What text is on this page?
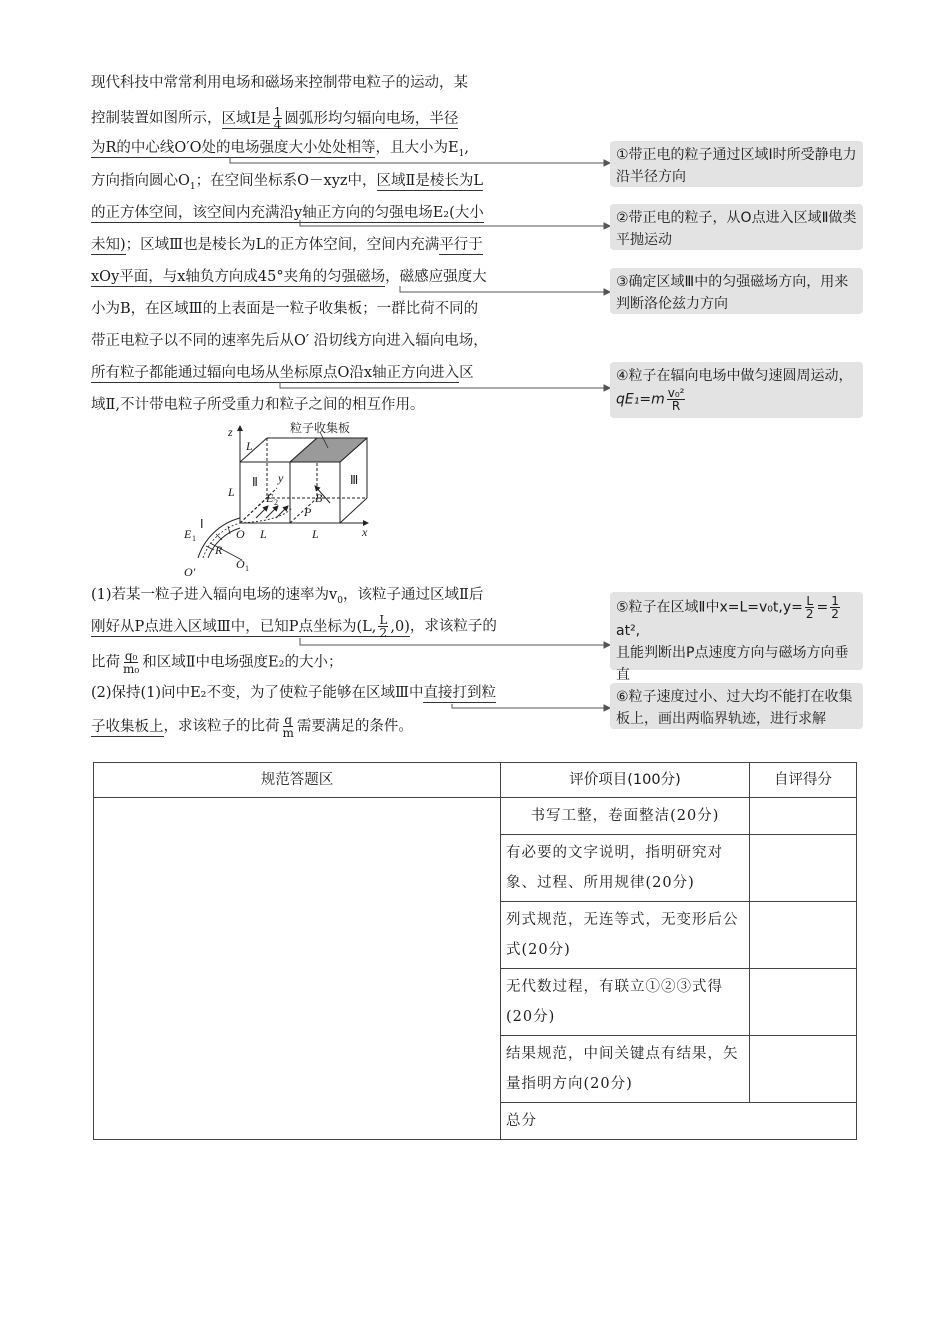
现代科技中常常利用电场和磁场来控制带电粒子的运动，某
控制装置如图所示，区域Ⅰ是 $\frac{1}{4}$ 圆弧形均匀辐向电场，半径
为R的中心线O′O处的电场强度大小处处相等，且大小为$E_1$,
方向指向圆心$O_1$；在空间坐标系O－xyz中，区域Ⅱ是棱长为L
的正方体空间，该空间内充满沿y轴正方向的匀强电场E₂(大小
未知)；区域Ⅲ也是棱长为L的正方体空间，空间内充满平行于
xOy平面，与x轴负方向成45°夹角的匀强磁场，磁感应强度大
小为B，在区域Ⅲ的上表面是一粒子收集板；一群比荷不同的
带正电粒子以不同的速率先后从O′ 沿切线方向进入辐向电场，
所有粒子都能通过辐向电场从坐标原点O沿x轴正方向进入区
域Ⅱ,不计带电粒子所受重力和粒子之间的相互作用。
粒子收集板
z
L
L
Ⅱ	Ⅲ
y
E 2	B
P
Ⅰ
E 1	O L	L	x
R
O′
O 1
(1)若某一粒子进入辐向电场的速率为$v_0$，该粒子通过区域Ⅱ后
刚好从P点进入区域Ⅲ中，已知P点坐标为(L, $\frac{L}{2} ,0$)，求该粒子的
比荷 $\frac{\text{q₀}}{\text{m₀}}$ 和区域Ⅱ中电场强度E₂的大小；
(2)保持(1)问中E₂不变，为了使粒子能够在区域Ⅲ中直接打到粒
子收集板上，求该粒子的比荷 $\frac{q}{m}$ 需要满足的条件。
①带正电的粒子通过区域Ⅰ时所受静电力沿半径方向
②带正电的粒子，从O点进入区域Ⅱ做类平抛运动
③确定区域Ⅲ中的匀强磁场方向，用来判断洛伦兹力方向
④粒子在辐向电场中做匀速圆周运动，
$qE_1=m \frac{\text{v₀²}}{R}$
⑤粒子在区域Ⅱ中$x=L=v_0t,y= \frac{L}{2} = \frac{1}{2}$
at²,
且能判断出P点速度方向与磁场方向垂直
⑥粒子速度过小、过大均不能打在收集板上，画出两临界轨迹，进行求解
规范答题区	评价项目(100分)	自评得分
	书写工整，卷面整洁(20分)	
	有必要的文字说明，指明研究对象、过程、所用规律(20分)	
	列式规范，无连等式，无变形后公式(20分)	
	无代数过程，有联立①②③式得(20分)	
	结果规范，中间关键点有结果，矢量指明方向(20分)	
	总分	
